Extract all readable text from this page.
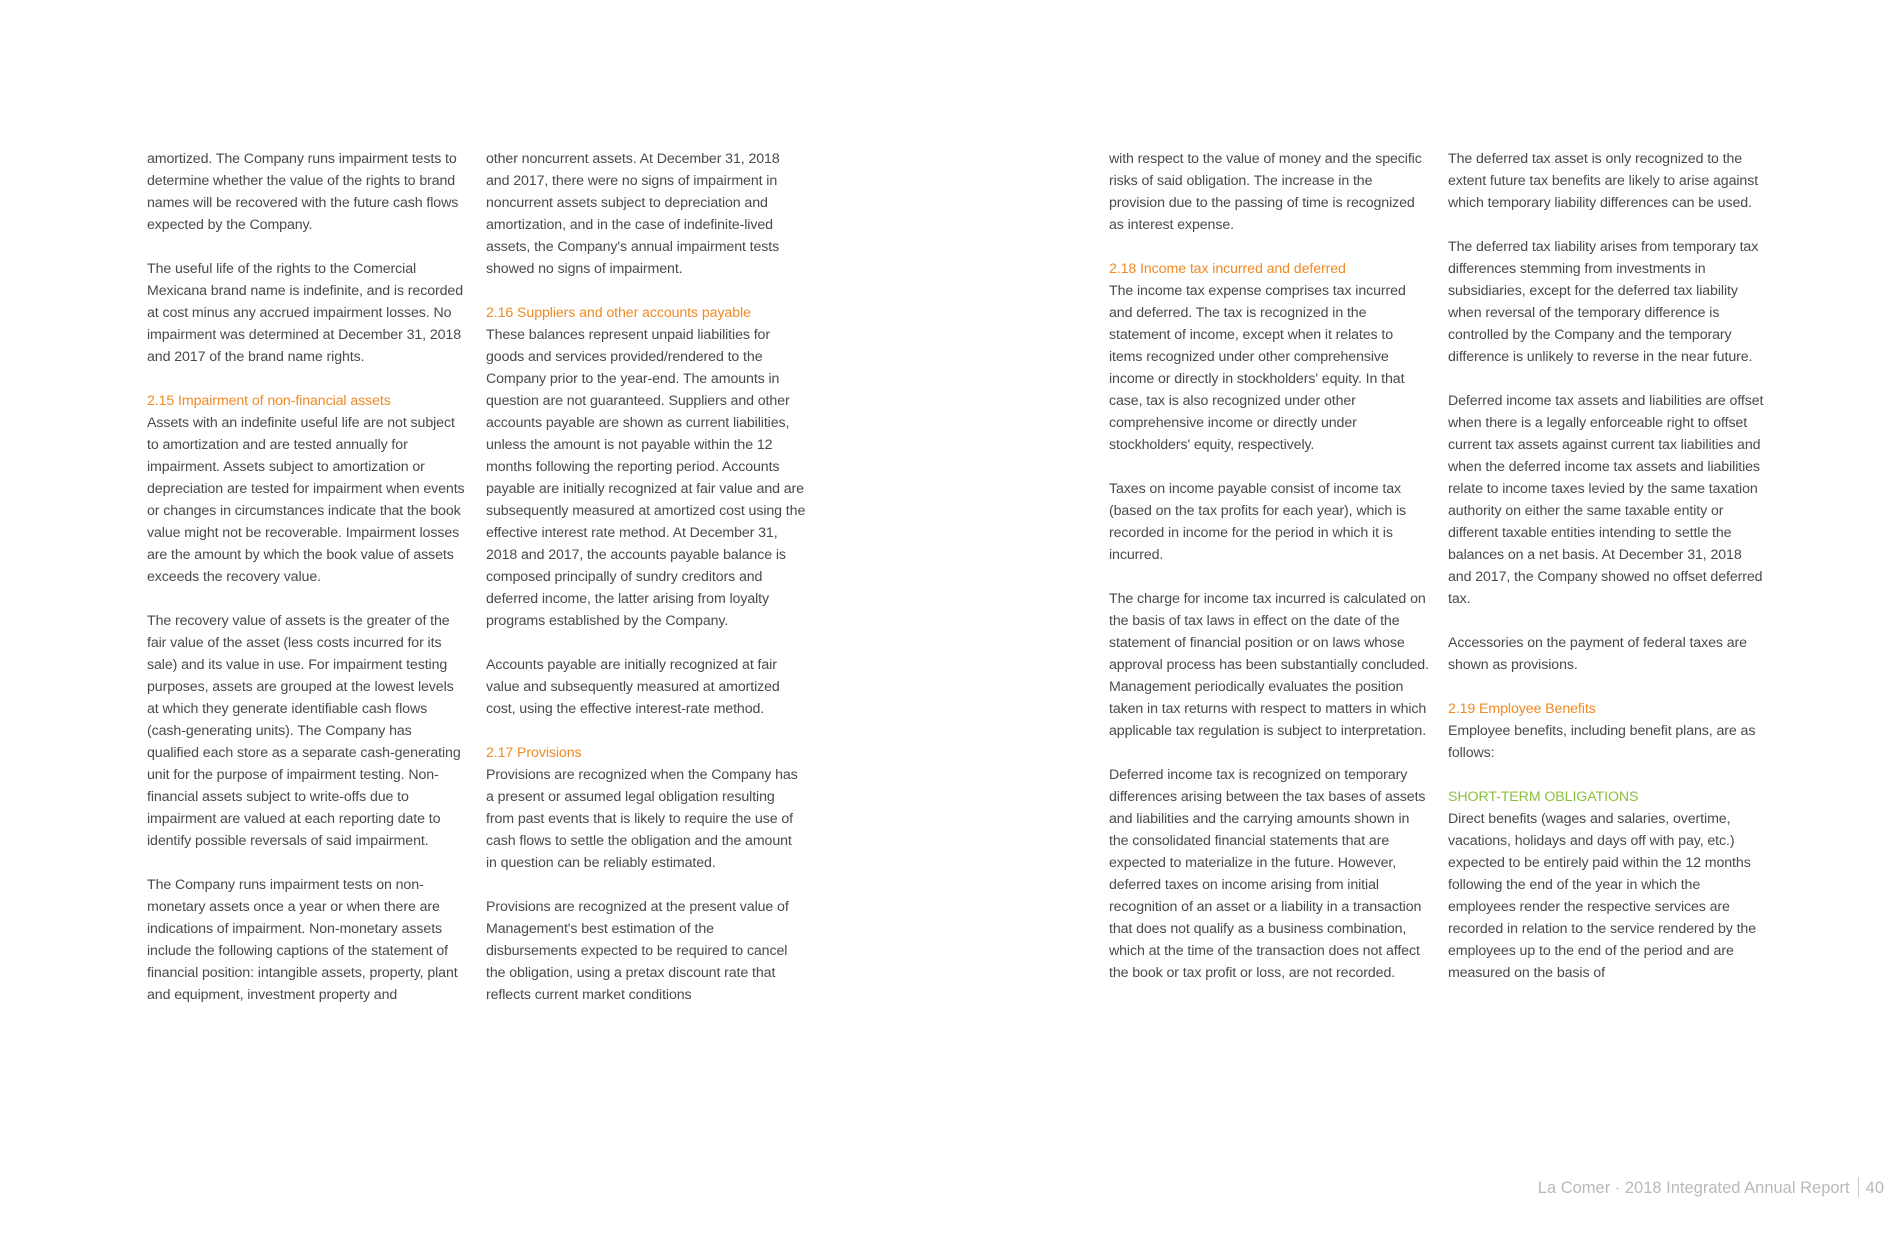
amortized. The Company runs impairment tests to determine whether the value of the rights to brand names will be recovered with the future cash flows expected by the Company.

The useful life of the rights to the Comercial Mexicana brand name is indefinite, and is recorded at cost minus any accrued impairment losses. No impairment was determined at December 31, 2018 and 2017 of the brand name rights.

2.15 Impairment of non-financial assets

Assets with an indefinite useful life are not subject to amortization and are tested annually for impairment. Assets subject to amortization or depreciation are tested for impairment when events or changes in circumstances indicate that the book value might not be recoverable. Impairment losses are the amount by which the book value of assets exceeds the recovery value.

The recovery value of assets is the greater of the fair value of the asset (less costs incurred for its sale) and its value in use. For impairment testing purposes, assets are grouped at the lowest levels at which they generate identifiable cash flows (cash-generating units). The Company has qualified each store as a separate cash-generating unit for the purpose of impairment testing. Non-financial assets subject to write-offs due to impairment are valued at each reporting date to identify possible reversals of said impairment.

The Company runs impairment tests on non-monetary assets once a year or when there are indications of impairment. Non-monetary assets include the following captions of the statement of financial position: intangible assets, property, plant and equipment, investment property and

other noncurrent assets. At December 31, 2018 and 2017, there were no signs of impairment in noncurrent assets subject to depreciation and amortization, and in the case of indefinite-lived assets, the Company's annual impairment tests showed no signs of impairment.

2.16 Suppliers and other accounts payable

These balances represent unpaid liabilities for goods and services provided/rendered to the Company prior to the year-end. The amounts in question are not guaranteed. Suppliers and other accounts payable are shown as current liabilities, unless the amount is not payable within the 12 months following the reporting period. Accounts payable are initially recognized at fair value and are subsequently measured at amortized cost using the effective interest rate method. At December 31, 2018 and 2017, the accounts payable balance is composed principally of sundry creditors and deferred income, the latter arising from loyalty programs established by the Company.

Accounts payable are initially recognized at fair value and subsequently measured at amortized cost, using the effective interest-rate method.

2.17 Provisions

Provisions are recognized when the Company has a present or assumed legal obligation resulting from past events that is likely to require the use of cash flows to settle the obligation and the amount in question can be reliably estimated.

Provisions are recognized at the present value of Management's best estimation of the disbursements expected to be required to cancel the obligation, using a pretax discount rate that reflects current market conditions

with respect to the value of money and the specific risks of said obligation. The increase in the provision due to the passing of time is recognized as interest expense.

2.18 Income tax incurred and deferred

The income tax expense comprises tax incurred and deferred. The tax is recognized in the statement of income, except when it relates to items recognized under other comprehensive income or directly in stockholders' equity. In that case, tax is also recognized under other comprehensive income or directly under stockholders' equity, respectively.

Taxes on income payable consist of income tax (based on the tax profits for each year), which is recorded in income for the period in which it is incurred.

The charge for income tax incurred is calculated on the basis of tax laws in effect on the date of the statement of financial position or on laws whose approval process has been substantially concluded. Management periodically evaluates the position taken in tax returns with respect to matters in which applicable tax regulation is subject to interpretation.

Deferred income tax is recognized on temporary differences arising between the tax bases of assets and liabilities and the carrying amounts shown in the consolidated financial statements that are expected to materialize in the future. However, deferred taxes on income arising from initial recognition of an asset or a liability in a transaction that does not qualify as a business combination, which at the time of the transaction does not affect the book or tax profit or loss, are not recorded.

The deferred tax asset is only recognized to the extent future tax benefits are likely to arise against which temporary liability differences can be used.

The deferred tax liability arises from temporary tax differences stemming from investments in subsidiaries, except for the deferred tax liability when reversal of the temporary difference is controlled by the Company and the temporary difference is unlikely to reverse in the near future.

Deferred income tax assets and liabilities are offset when there is a legally enforceable right to offset current tax assets against current tax liabilities and when the deferred income tax assets and liabilities relate to income taxes levied by the same taxation authority on either the same taxable entity or different taxable entities intending to settle the balances on a net basis. At December 31, 2018 and 2017, the Company showed no offset deferred tax.

Accessories on the payment of federal taxes are shown as provisions.

2.19 Employee Benefits

Employee benefits, including benefit plans, are as follows:

SHORT-TERM OBLIGATIONS

Direct benefits (wages and salaries, overtime, vacations, holidays and days off with pay, etc.) expected to be entirely paid within the 12 months following the end of the year in which the employees render the respective services are recorded in relation to the service rendered by the employees up to the end of the period and are measured on the basis of

La Comer · 2018 Integrated Annual Report 40
